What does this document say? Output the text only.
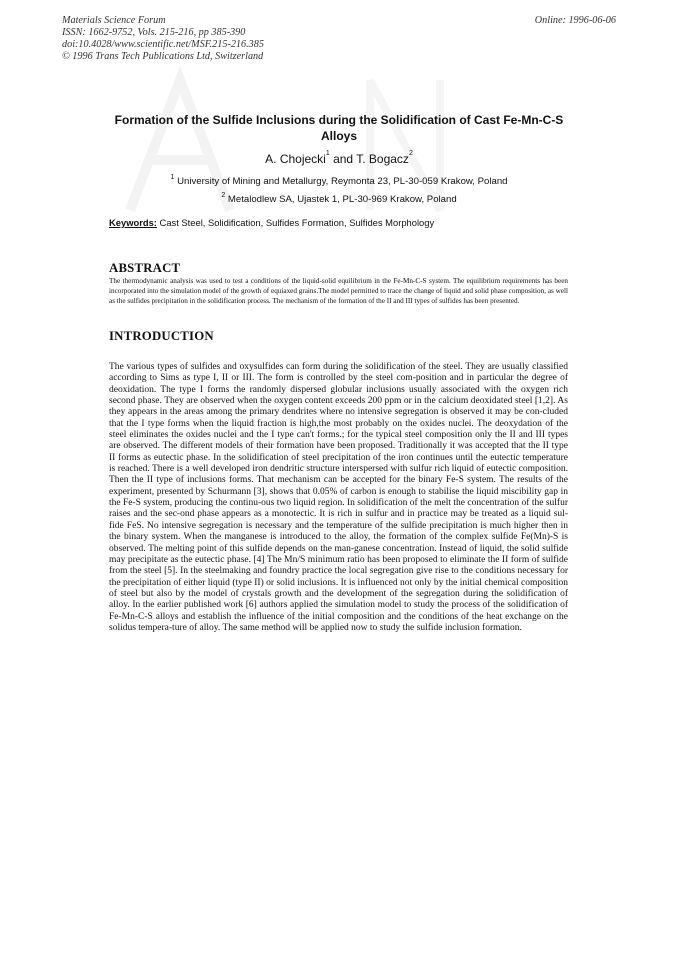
Materials Science Forum
ISSN: 1662-9752, Vols. 215-216, pp 385-390
doi:10.4028/www.scientific.net/MSF.215-216.385
© 1996 Trans Tech Publications Ltd, Switzerland
Online: 1996-06-06
Formation of the Sulfide Inclusions during the Solidification of Cast Fe-Mn-C-S Alloys
A. Chojecki$^1$ and T. Bogacz$^2$
$^1$ University of Mining and Metallurgy, Reymonta 23, PL-30-059 Krakow, Poland
$^2$ Metalodlew SA, Ujastek 1, PL-30-969 Krakow, Poland
Keywords: Cast Steel, Solidification, Sulfides Formation, Sulfides Morphology
ABSTRACT

The thermodynamic analysis was used to test a conditions of the liquid-solid equilibrium in the Fe-Mn-C-S system. The equilibrium requirements has been incorporated into the simulation model of the growth of equiaxed grains.The model permitted to trace the change of liquid and solid phase composition, as well as the sulfides precipitation in the solidification process. The mechanism of the formation of the II and III types of sulfides has been presented.

INTRODUCTION

The various types of sulfides and oxysulfides can form during the solidification of the steel. They are usually classified according to Sims as type I, II or III. The form is controlled by the steel com-position and in particular the degree of deoxidation. The type I forms the randomly dispersed globular inclusions usually associated with the oxygen rich second phase. They are observed when the oxygen content exceeds 200 ppm or in the calcium deoxidated steel [1,2]. As they appears in the areas among the primary dendrites where no intensive segregation is observed it may be con-cluded that the I type forms when the liquid fraction is high,the most probably on the oxides nuclei. The deoxydation of the steel eliminates the oxides nuclei and the I type can't forms.; for the typical steel composition only the II and III types are observed. The different models of their formation have been proposed. Traditionally it was accepted that the II type II forms as eutectic phase. In the solidification of steel precipitation of the iron continues until the eutectic temperature is reached. There is a well developed iron dendritic structure interspersed with sulfur rich liquid of eutectic composition. Then the II type of inclusions forms. That mechanism can be accepted for the binary Fe-S system. The results of the experiment, presented by Schurmann [3], shows that 0.05% of carbon is enough to stabilise the liquid miscibility gap in the Fe-S system, producing the continu-ous two liquid region. In solidification of the melt the concentration of the sulfur raises and the sec-ond phase appears as a monotectic. It is rich in sulfur and in practice may be treated as a liquid sul-fide FeS. No intensive segregation is necessary and the temperature of the sulfide precipitation is much higher then in the binary system. When the manganese is introduced to the alloy, the formation of the complex sulfide Fe(Mn)-S is observed. The melting point of this sulfide depends on the man-ganese concentration. Instead of liquid, the solid sulfide may precipitate as the eutectic phase. [4] The Mn/S minimum ratio has been proposed to eliminate the II form of sulfide from the steel [5]. In the steelmaking and foundry practice the local segregation give rise to the conditions necessary for the precipitation of either liquid (type II) or solid inclusions. It is influenced not only by the initial chemical composition of steel but also by the model of crystals growth and the development of the segregation during the solidification of alloy. In the earlier published work [6] authors applied the simulation model to study the process of the solidification of Fe-Mn-C-S alloys and establish the influence of the initial composition and the conditions of the heat exchange on the solidus tempera-ture of alloy. The same method will be applied now to study the sulfide inclusion formation.
